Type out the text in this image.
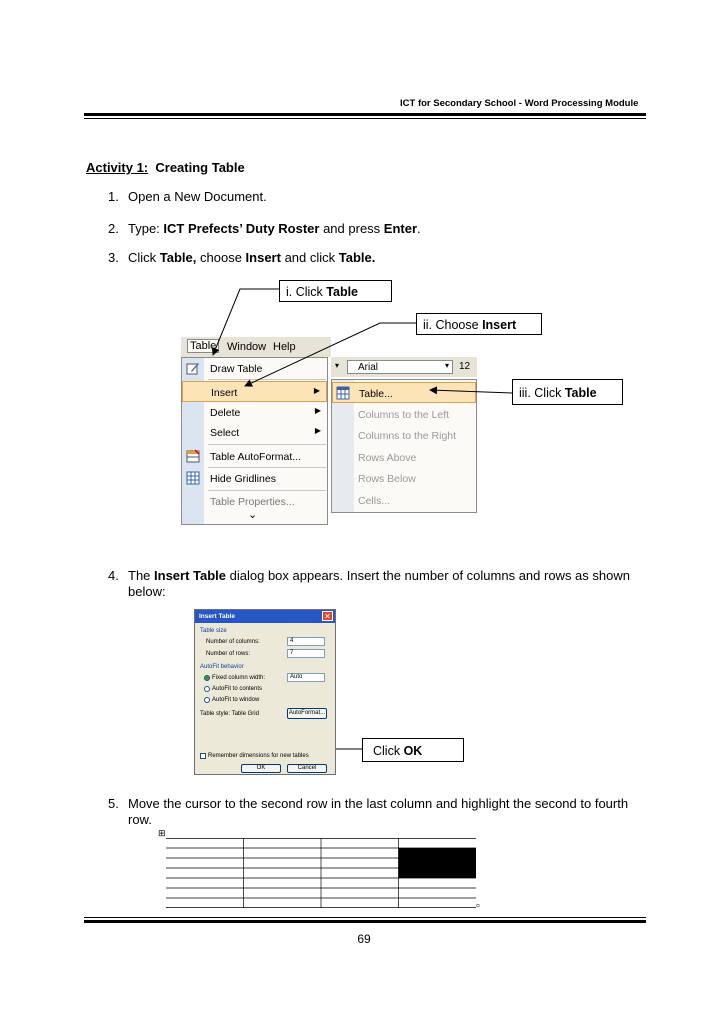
ICT for Secondary School - Word Processing Module
Activity 1: Creating Table
1. Open a New Document.
2. Type: ICT Prefects’ Duty Roster and press Enter.
3. Click Table, choose Insert and click Table.
Table Window Help
Draw Table
Insert	▶
Delete	▶
Select	▶
Table AutoFormat...
Hide Gridlines
Table Properties...
⌄
▾ Arial	▾ 12
Table...
Columns to the Left
Columns to the Right
Rows Above
Rows Below
Cells...
i. Click Table
ii. Choose Insert
iii. Click Table
4. The Insert Table dialog box appears. Insert the number of columns and rows as shown
below:
Insert Table	✕
Table size
Number of columns:	4
Number of rows:	7
AutoFit behavior
Fixed column width:	Auto
AutoFit to contents
AutoFit to window
Table style: Table Grid	AutoFormat...
Remember dimensions for new tables
OK	Cancel
Click OK
5. Move the cursor to the second row in the last column and highlight the second to fourth
row.
⊞
¤
69
